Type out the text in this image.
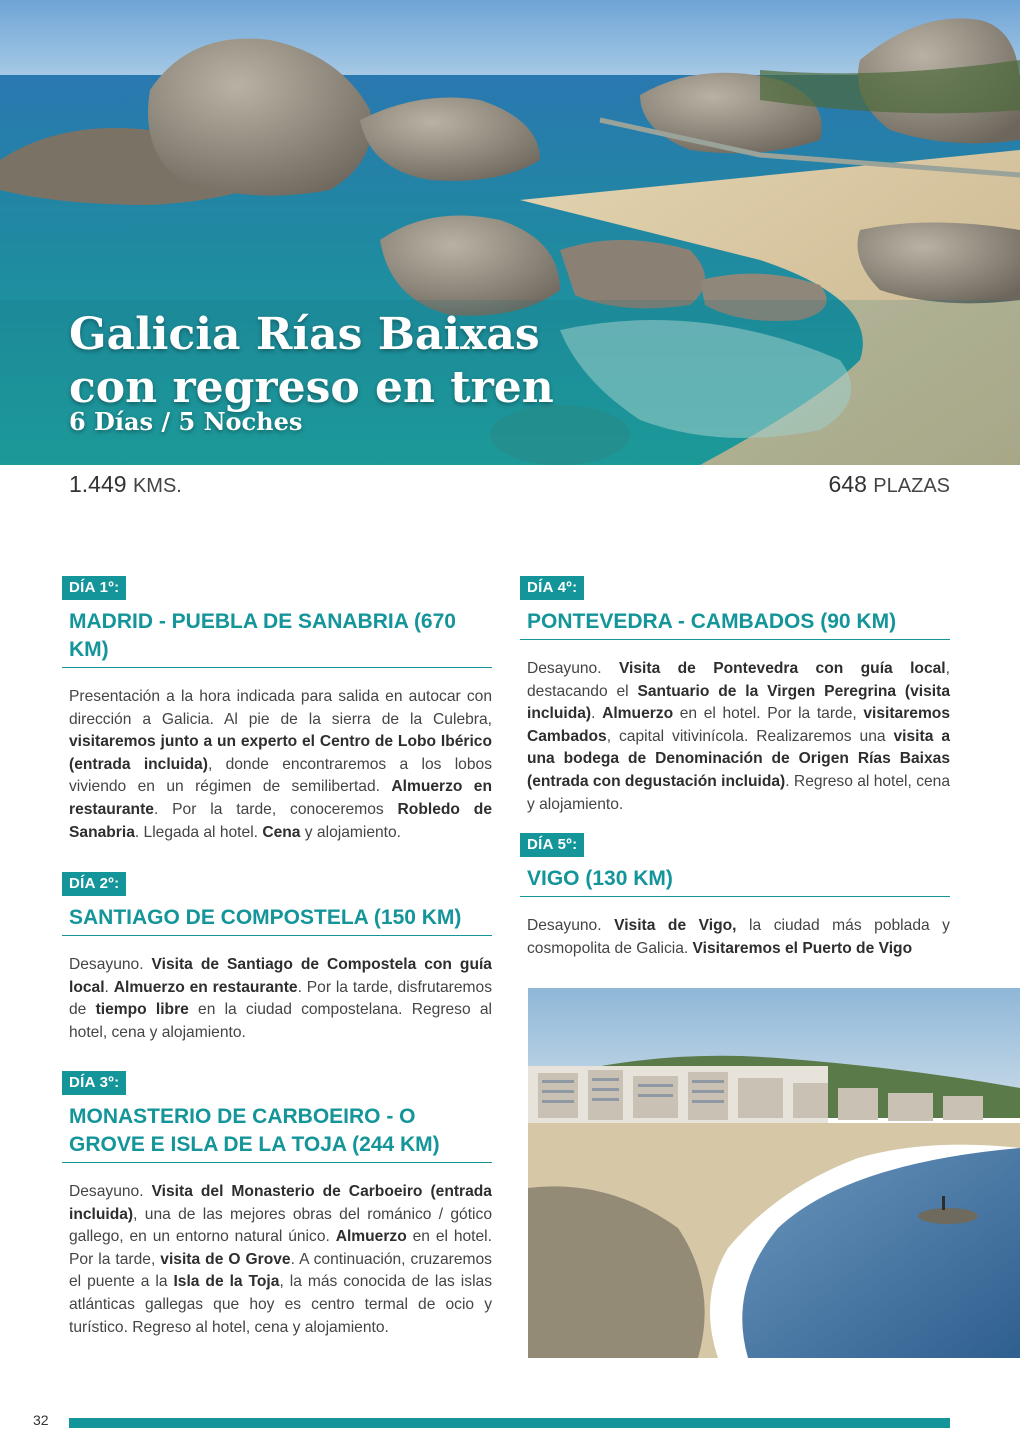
Galicia Rías Baixas
con regreso en tren
6 Días / 5 Noches
1.449 KMS.	648 PLAZAS
DÍA 1º:
MADRID - PUEBLA DE SANABRIA (670 KM)
Presentación a la hora indicada para salida en autocar con dirección a Galicia. Al pie de la sierra de la Culebra, visitaremos junto a un experto el Centro de Lobo Ibérico (entrada incluida), donde encontraremos a los lobos viviendo en un régimen de semilibertad. Almuerzo en restaurante. Por la tarde, conoceremos Robledo de Sanabria. Llegada al hotel. Cena y alojamiento.
DÍA 2º:
SANTIAGO DE COMPOSTELA (150 KM)
Desayuno. Visita de Santiago de Compostela con guía local. Almuerzo en restaurante. Por la tarde, disfrutaremos de tiempo libre en la ciudad compostelana. Regreso al hotel, cena y alojamiento.
DÍA 3º:
MONASTERIO DE CARBOEIRO - O GROVE E ISLA DE LA TOJA (244 KM)
Desayuno. Visita del Monasterio de Carboeiro (entrada incluida), una de las mejores obras del románico / gótico gallego, en un entorno natural único. Almuerzo en el hotel. Por la tarde, visita de O Grove. A continuación, cruzaremos el puente a la Isla de la Toja, la más conocida de las islas atlánticas gallegas que hoy es centro termal de ocio y turístico. Regreso al hotel, cena y alojamiento.
DÍA 4º:
PONTEVEDRA - CAMBADOS (90 KM)
Desayuno. Visita de Pontevedra con guía local, destacando el Santuario de la Virgen Peregrina (visita incluida). Almuerzo en el hotel. Por la tarde, visitaremos Cambados, capital vitivinícola. Realizaremos una visita a una bodega de Denominación de Origen Rías Baixas (entrada con degustación incluida). Regreso al hotel, cena y alojamiento.
DÍA 5º:
VIGO (130 KM)
Desayuno. Visita de Vigo, la ciudad más poblada y cosmopolita de Galicia. Visitaremos el Puerto de Vigo
32
